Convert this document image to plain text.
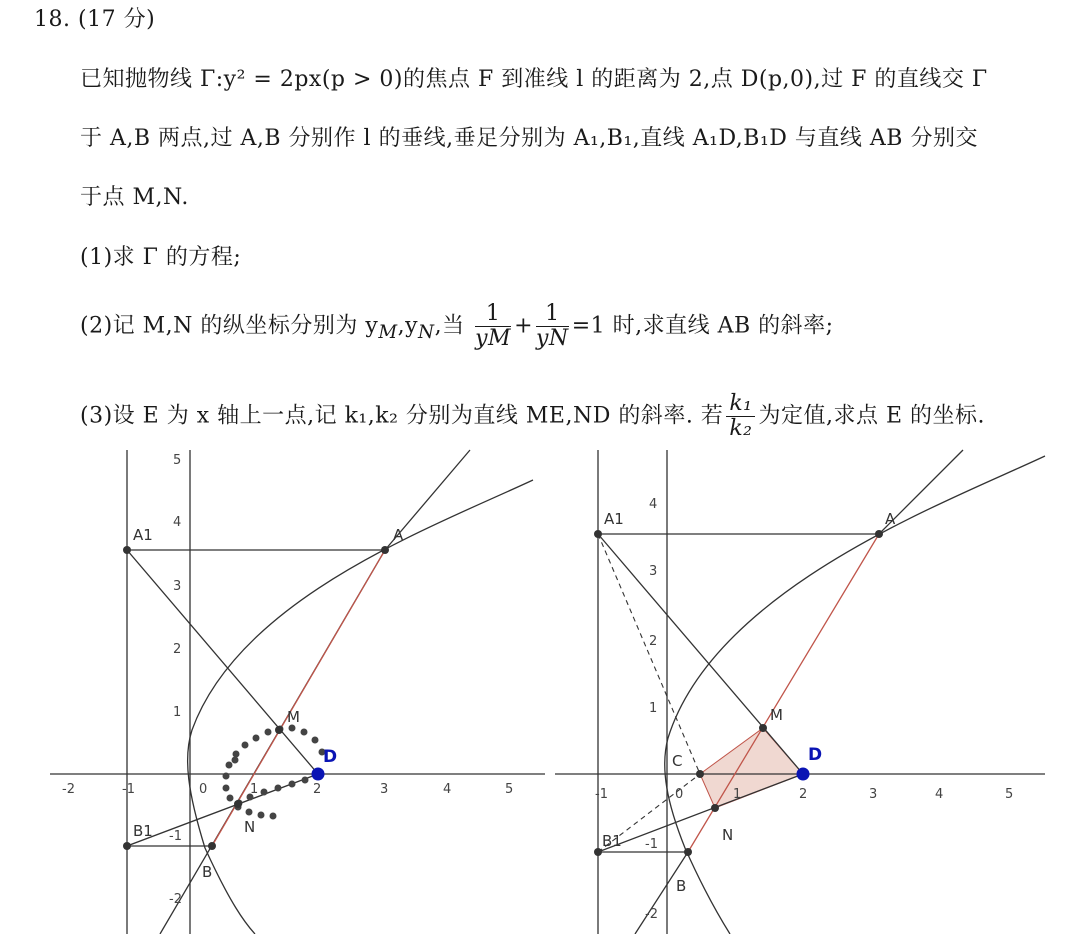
18. (17 分)
已知抛物线 Γ:y² = 2px(p > 0)的焦点 F 到准线 l 的距离为 2,点 D(p,0),过 F 的直线交 Γ
于 A,B 两点,过 A,B 分别作 l 的垂线,垂足分别为 A₁,B₁,直线 A₁D,B₁D 与直线 AB 分别交
于点 M,N.
(1)求 Γ 的方程;
(2)记 M,N 的纵坐标分别为 $y_M,y_N$,当 $\frac{1}{yM} + \frac{1}{yN} =1$ 时,求直线 AB 的斜率;
(3)设 E 为 x 轴上一点,记 k₁,k₂ 分别为直线 ME,ND 的斜率. 若 $\frac{\text{k₁}}{\text{k₂}}$ 为定值,求点 E 的坐标.
A
A1
B
B1
M
N
D
-2	-1	0	1	2	3	4	5
5
4
3
2
1
-1
-2
A
A1
B
B1
M
N
C	D
-1	0	1	2	3	4	5
4
3
2
1
-1
-2
